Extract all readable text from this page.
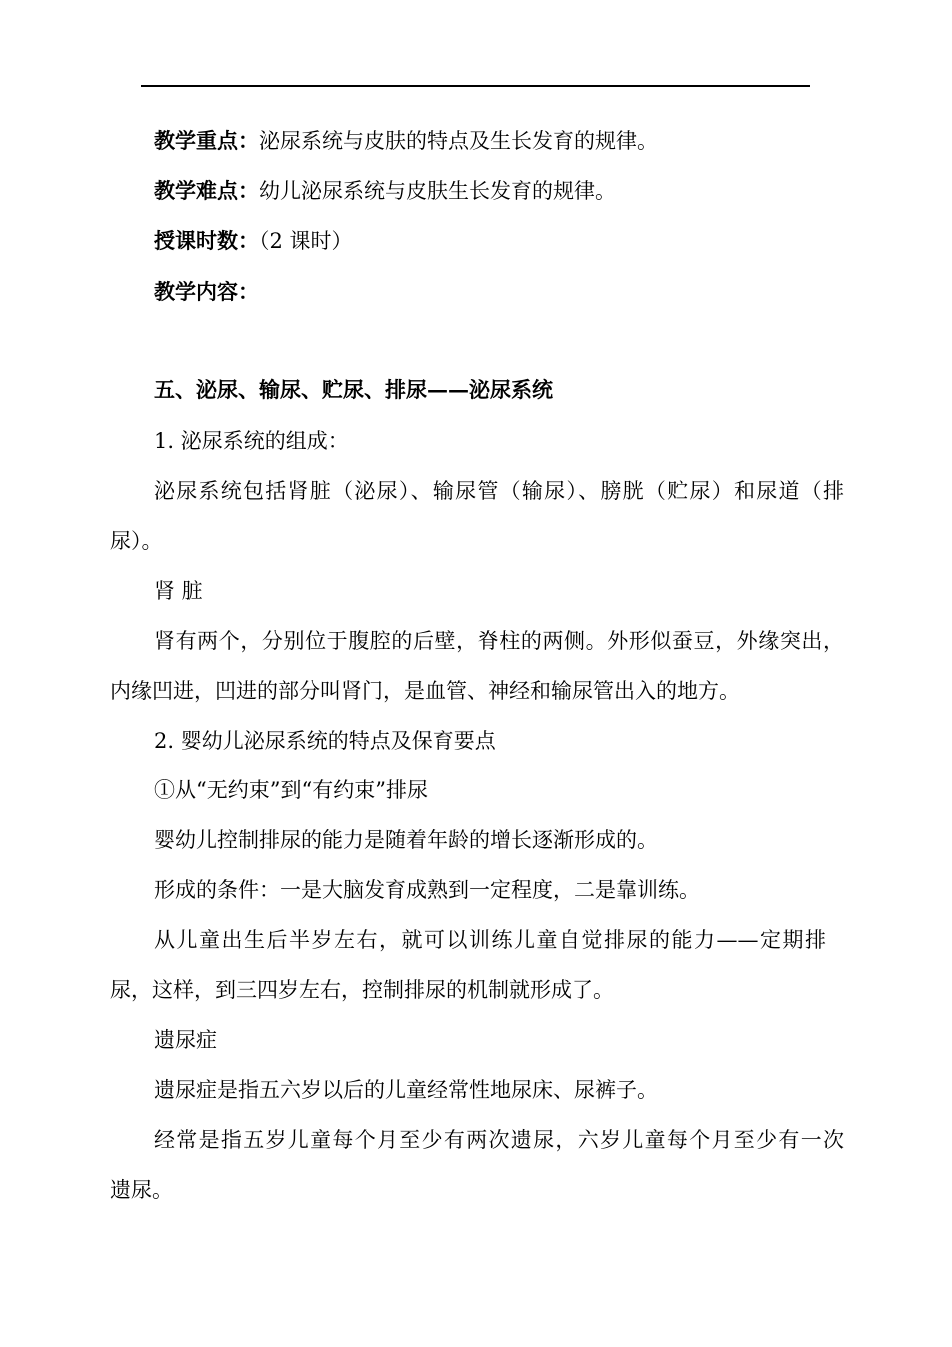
教学重点：泌尿系统与皮肤的特点及生长发育的规律。
教学难点：幼儿泌尿系统与皮肤生长发育的规律。
授课时数：（2 课时）
教学内容：
五、泌尿、输尿、贮尿、排尿——泌尿系统
1. 泌尿系统的组成：
泌尿系统包括肾脏（泌尿）、输尿管（输尿）、膀胱（贮尿）和尿道（排
尿）。
肾 脏
肾有两个，分别位于腹腔的后壁，脊柱的两侧。外形似蚕豆，外缘突出，
内缘凹进，凹进的部分叫肾门，是血管、神经和输尿管出入的地方。
2. 婴幼儿泌尿系统的特点及保育要点
①从“无约束”到“有约束”排尿
婴幼儿控制排尿的能力是随着年龄的增长逐渐形成的。
形成的条件：一是大脑发育成熟到一定程度，二是靠训练。
从儿童出生后半岁左右，就可以训练儿童自觉排尿的能力——定期排
尿，这样，到三四岁左右，控制排尿的机制就形成了。
遗尿症
遗尿症是指五六岁以后的儿童经常性地尿床、尿裤子。
经常是指五岁儿童每个月至少有两次遗尿，六岁儿童每个月至少有一次
遗尿。
